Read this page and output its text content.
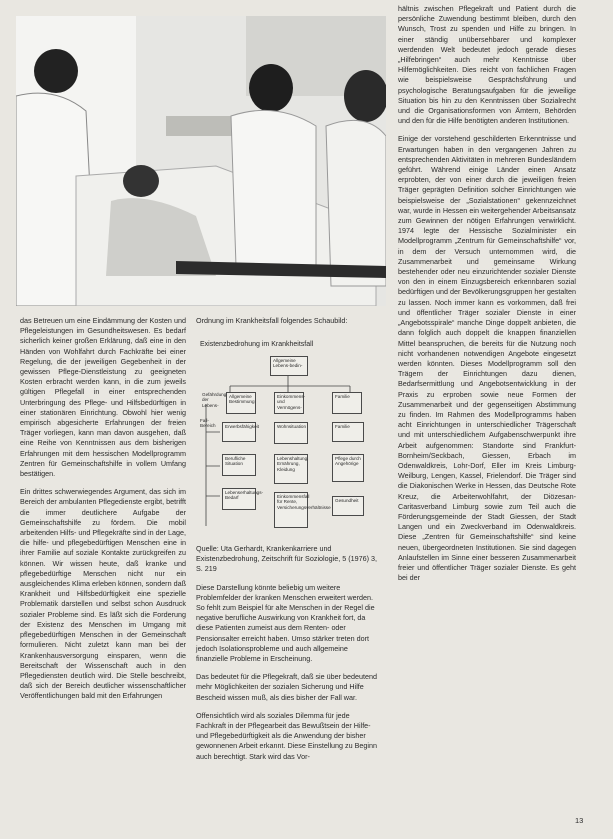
das Betreuen um eine Eindämmung der Kosten und Pflegeleistungen im Gesundheitswesen. Es bedarf sicherlich keiner großen Erklärung, daß eine in den Händen von Wohlfahrt durch Fachkräfte bei einer Regelung, die der jeweiligen Gegebenheit in der gewissen Pflege-Dienstleistung zu geeigneten Kosten erbracht werden kann, in die zum jeweils gültigen Pflegefall in einer entsprechenden Unterbringung des Pflege- und Hilfsbedürftigen in einer stationären Einrichtung. Obwohl hier wenig empirisch abgesicherte Erfahrungen der freien Träger vorliegen, kann man davon ausgehen, daß eine Reihe von Kenntnissen aus dem bisherigen Erfahrungen mit dem hessischen Modellprogramm Zentren für Gemeinschaftshilfe in vollem Umfang bestätigen.

Ein drittes schwerwiegendes Argument, das sich im Bereich der ambulanten Pflegedienste ergibt, betrifft die immer deutlichere Aufgabe der Gemeinschaftshilfe zu fördern. Die mobil arbeitenden Hilfs- und Pflegekräfte sind in der Lage, die hilfe- und pflegebedürftigen Menschen eine in ihrer Familie auf soziale Kontakte zurückgreifen zu können. Wir wissen heute, daß kranke und pflegebedürftige Menschen nicht nur ein ausgleichendes Klima erleben können, sondern daß Krankheit und Hilfsbedürftigkeit eine spezielle Problematik darstellen und selbst schon Ausdruck sozialer Probleme sind. Es läßt sich die Forderung der Existenz des Menschen im Umgang mit pflegebedürftigen Menschen in der Gemeinschaft formulieren. Nicht zuletzt kann man bei der Krankenhausversorgung einsparen, wenn die Bereitschaft der Wissenschaft auch in den Pflegediensten deutlich wird. Die Stelle beschreibt, daß sich der Bereich deutlicher wissenschaftlicher Veröffentlichungen bald mit den Erfahrungen

Ordnung im Krankheitsfall folgendes Schaubild:

Existenzbedrohung im Krankheitsfall
Allgemeine Lebens-bedin-
Gefährdung der Lebens-
Allgemeine Bestimmung
Einkommens- und Vermögens-
Familie
Fall- Bereich	Erwerbsfähigkeit
Berufliche Situation
Lebenserhaltungs- Bedarf
Wohnsituation
Lebenshaltung, Ernährung, Kleidung
Einkommensfall für Rente, Versicherungsverhältnisse
Familie
Pflege durch Angehörige
Gesundheit

Quelle: Uta Gerhardt, Krankenkarriere und Existenzbedrohung, Zeitschrift für Soziologie, 5 (1976) 3, S. 219

Diese Darstellung könnte beliebig um weitere Problemfelder der kranken Menschen erweitert werden. So fehlt zum Beispiel für alte Menschen in der Regel die negative berufliche Auswirkung von Krankheit fort, da diese Patienten zumeist aus dem Renten- oder Pensionsalter erreicht haben. Umso stärker treten dort jedoch Isolationsprobleme und auch allgemeine finanzielle Probleme in Erscheinung.

Das bedeutet für die Pflegekraft, daß sie über bedeutend mehr Möglichkeiten der sozialen Sicherung und Hilfe Bescheid wissen muß, als dies bisher der Fall war.

Offensichtlich wird als soziales Dilemma für jede Fachkraft in der Pflegearbeit das Bewußtsein der Hilfe- und Pflegebedürftigkeit als die Anwendung der bisher gewonnenen Arbeit erkannt. Diese Einstellung zu Beginn auch berechtigt. Stark wird das Vor-

hältnis zwischen Pflegekraft und Patient durch die persönliche Zuwendung bestimmt bleiben, durch den Wunsch, Trost zu spenden und Hilfe zu bringen. In einer ständig unübersehbarer und komplexer werdenden Welt bedeutet jedoch gerade dieses „Hilfebringen“ auch mehr Kenntnisse über Hilfemöglichkeiten. Dies reicht von fachlichen Fragen wie beispielsweise Gesprächsführung und psychologische Beratungsaufgaben für die jeweilige Situation bis hin zu den Kenntnissen über Sozialrecht und die Organisationsformen von Ämtern, Behörden und den für die Hilfe benötigten anderen Institutionen.

Einige der vorstehend geschilderten Erkenntnisse und Erwartungen haben in den vergangenen Jahren zu entsprechenden Aktivitäten in mehreren Bundesländern geführt. Während einige Länder einen Ansatz erprobten, der von einer durch die jeweiligen freien Träger geprägten Definition solcher Einrichtungen wie beispielsweise der „Sozialstationen“ gekennzeichnet war, wurde in Hessen ein weitergehender Arbeitsansatz zum Gewinnen der nötigen Erfahrungen verwirklicht. 1974 legte der Hessische Sozialminister ein Modellprogramm „Zentrum für Gemeinschaftshilfe“ vor, in dem der Versuch unternommen wird, die Zusammenarbeit und gemeinsame Wirkung bestehender oder neu einzurichtender sozialer Dienste von den in einem Einzugsbereich erkennbaren sozial bedürftigen und der Bevölkerungsgruppen her gestalten zu lassen. Noch immer kann es vorkommen, daß frei und öffentlicher Träger sozialer Dienste in einer „Angebotsspirale“ manche Dinge doppelt anbieten, die dann folglich auch doppelt die knappen finanziellen Mittel beanspruchen, die bereits für die Nutzung noch nicht vorhandenen notwendigen Angebote eingesetzt werden könnten. Dieses Modellprogramm soll den Trägern der Einrichtungen dazu dienen, Bedarfsermittlung und Angebotsentwicklung in der Praxis zu erproben sowie neue Formen der Zusammenarbeit und der gegenseitigen Abstimmung zu finden. Im Rahmen des Modellprogramms haben acht Einrichtungen in unterschiedlicher Trägerschaft und mit unterschiedlichem Aufgabenschwerpunkt ihre Arbeit aufgenommen: Standorte sind Frankfurt-Bornheim/Seckbach, Giessen, Erbach im Odenwaldkreis, Lohr-Dorf, Eller im Kreis Limburg-Weilburg, Lengen, Kassel, Frielendorf. Die Träger sind die Diakonischen Werke in Hessen, das Deutsche Rote Kreuz, die Arbeiterwohlfahrt, der Diözesan-Caritasverband Limburg sowie zum Teil auch die Förderungsgemeinde der Stadt Giessen, der Stadt Langen und ein Zweckverband im Odenwaldkreis. Diese „Zentren für Gemeinschaftshilfe“ sind keine neuen, übergeordneten Institutionen. Sie sind dagegen Anlaufstellen im Sinne einer besseren Zusammenarbeit freier und öffentlicher Träger sozialer Dienste. Es geht bei der

13
